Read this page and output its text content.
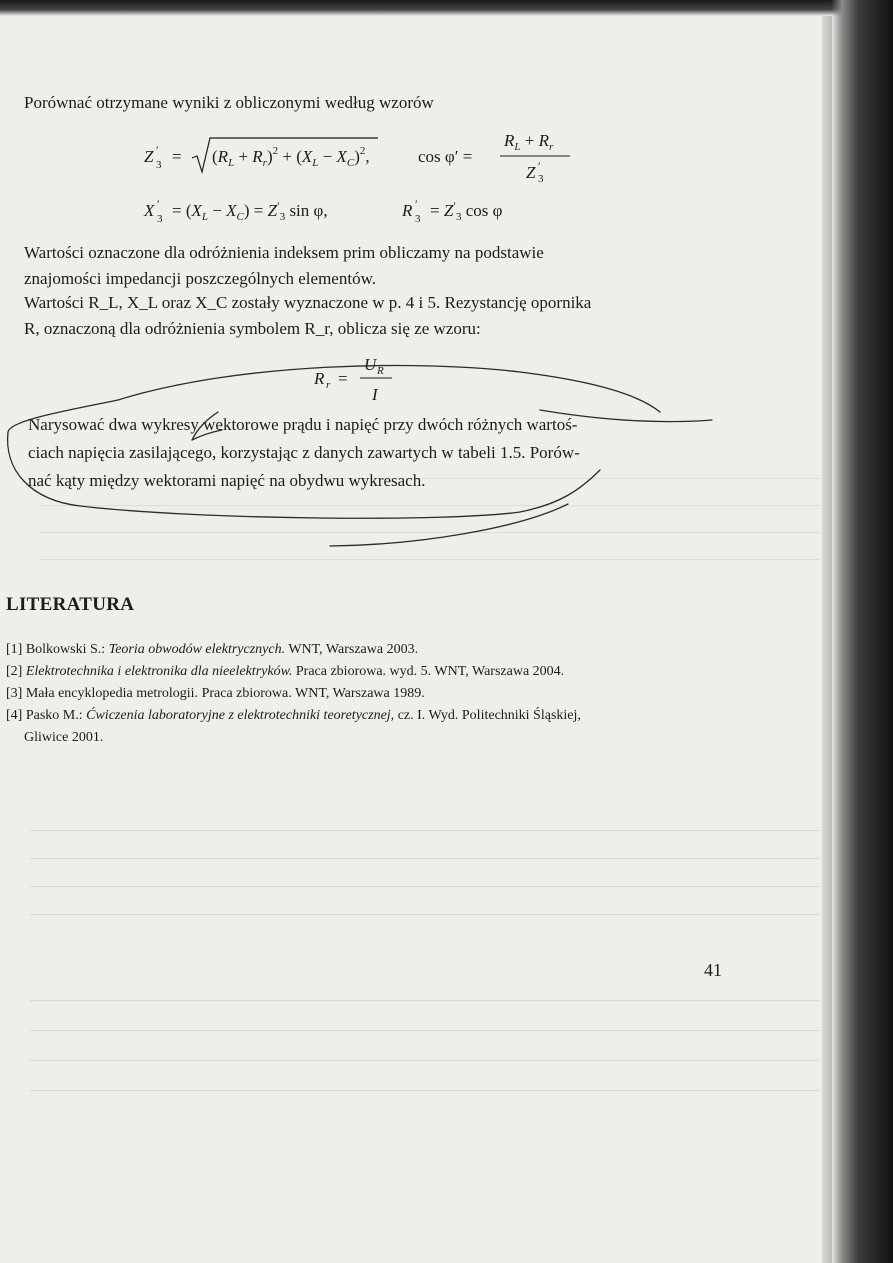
Porównać otrzymane wyniki z obliczonymi według wzorów
Z ′
$3 = (R_L + R_r)^2 + (X_L - X_C)^2$,	cos φ′ =
$R_L + R_r$
Z ′
3
X ′
$3 = (X_L - X_C) = Z'_3$ sin φ,	R ′
$3 = Z'_3$ cos φ
Wartości oznaczone dla odróżnienia indeksem prim obliczamy na podstawie
znajomości impedancji poszczególnych elementów.
Wartości R_L, X_L oraz X_C zostały wyznaczone w p. 4 i 5. Rezystancję opornika
R, oznaczoną dla odróżnienia symbolem R_r, oblicza się ze wzoru:
R r =
U R
I
Narysować dwa wykresy wektorowe prądu i napięć przy dwóch różnych wartoś-
ciach napięcia zasilającego, korzystając z danych zawartych w tabeli 1.5. Porów-
nać kąty między wektorami napięć na obydwu wykresach.
LITERATURA
[1] Bolkowski S.: Teoria obwodów elektrycznych. WNT, Warszawa 2003.
[2] Elektrotechnika i elektronika dla nieelektryków. Praca zbiorowa. wyd. 5. WNT, Warszawa 2004.
[3] Mała encyklopedia metrologii. Praca zbiorowa. WNT, Warszawa 1989.
[4] Pasko M.: Ćwiczenia laboratoryjne z elektrotechniki teoretycznej, cz. I. Wyd. Politechniki Śląskiej,
Gliwice 2001.
41
